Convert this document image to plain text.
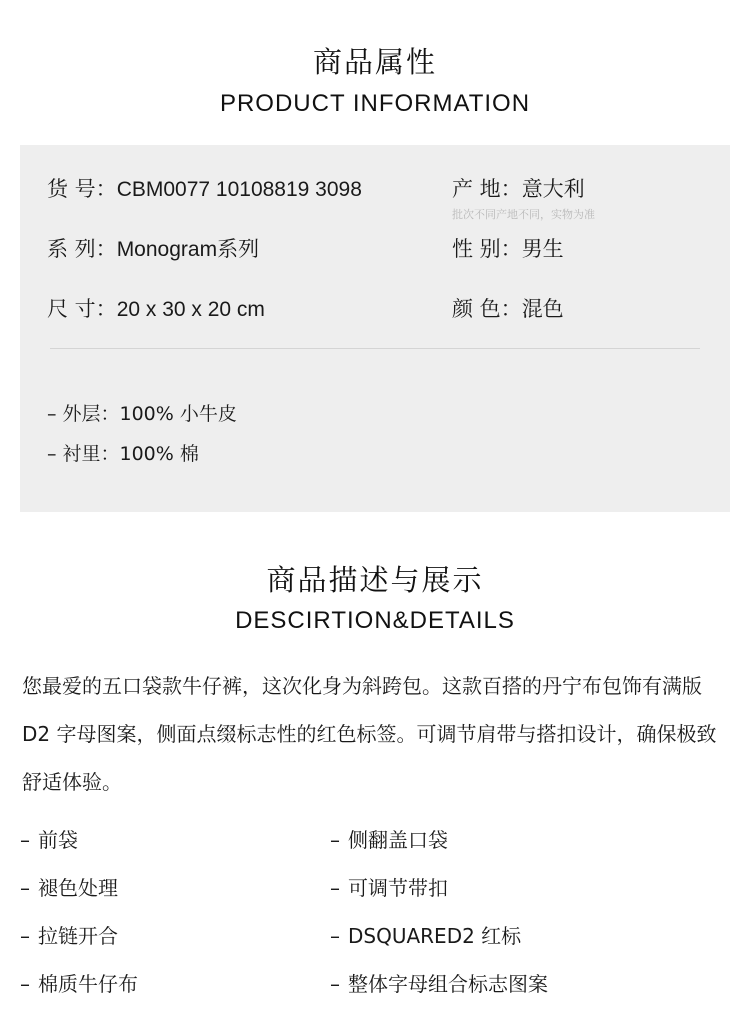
商品属性
PRODUCT INFORMATION
货 号：CBM0077 10108819 3098	产 地：意大利
批次不同产地不同，实物为准
系 列：Monogram系列	性 别：男生
尺 寸：20 x 30 x 20 cm	颜 色：混色
– 外层：100% 小牛皮
– 衬里：100% 棉
商品描述与展示
DESCIRTION&DETAILS
您最爱的五口袋款牛仔裤，这次化身为斜跨包。这款百搭的丹宁布包饰有满版 D2 字母图案，侧面点缀标志性的红色标签。可调节肩带与搭扣设计，确保极致舒适体验。
– 前袋
– 褪色处理
– 拉链开合
– 棉质牛仔布
– 侧翻盖口袋
– 可调节带扣
– DSQUARED2 红标
– 整体字母组合标志图案
